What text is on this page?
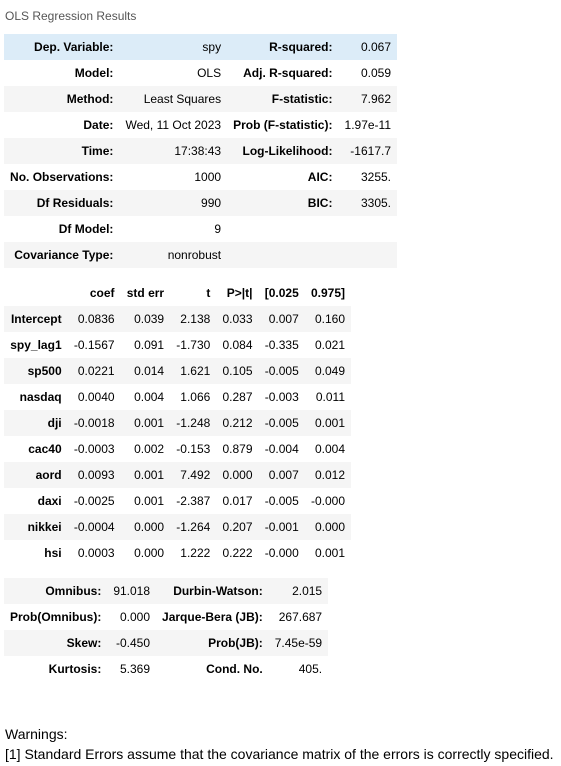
OLS Regression Results
Dep. Variable:	spy	R-squared:	0.067
Model:	OLS	Adj. R-squared:	0.059
Method:	Least Squares	F-statistic:	7.962
Date:	Wed, 11 Oct 2023	Prob (F-statistic):	1.97e-11
Time:	17:38:43	Log-Likelihood:	-1617.7
No. Observations:	1000	AIC:	3255.
Df Residuals:	990	BIC:	3305.
Df Model:	9		
Covariance Type:	nonrobust		
	coef	std err	t	P>|t|	[0.025	0.975]
Intercept	0.0836	0.039	2.138	0.033	0.007	0.160
spy_lag1	-0.1567	0.091	-1.730	0.084	-0.335	0.021
sp500	0.0221	0.014	1.621	0.105	-0.005	0.049
nasdaq	0.0040	0.004	1.066	0.287	-0.003	0.011
dji	-0.0018	0.001	-1.248	0.212	-0.005	0.001
cac40	-0.0003	0.002	-0.153	0.879	-0.004	0.004
aord	0.0093	0.001	7.492	0.000	0.007	0.012
daxi	-0.0025	0.001	-2.387	0.017	-0.005	-0.000
nikkei	-0.0004	0.000	-1.264	0.207	-0.001	0.000
hsi	0.0003	0.000	1.222	0.222	-0.000	0.001
Omnibus:	91.018	Durbin-Watson:	2.015
Prob(Omnibus):	0.000	Jarque-Bera (JB):	267.687
Skew:	-0.450	Prob(JB):	7.45e-59
Kurtosis:	5.369	Cond. No.	405.
Warnings:
[1] Standard Errors assume that the covariance matrix of the errors is correctly specified.
